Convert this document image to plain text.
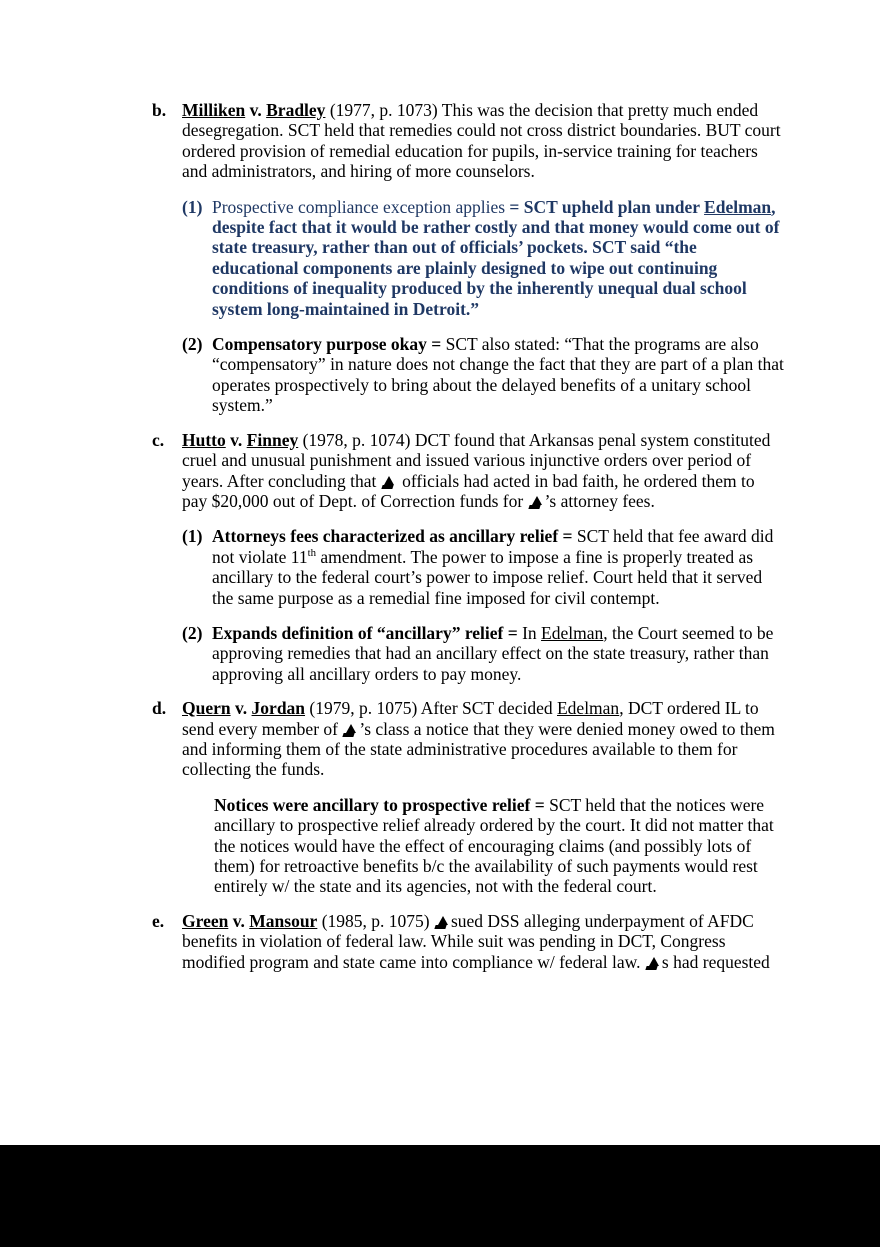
b. Milliken v. Bradley (1977, p. 1073) This was the decision that pretty much ended desegregation. SCT held that remedies could not cross district boundaries. BUT court ordered provision of remedial education for pupils, in-service training for teachers and administrators, and hiring of more counselors.
(1) Prospective compliance exception applies = SCT upheld plan under Edelman, despite fact that it would be rather costly and that money would come out of state treasury, rather than out of officials’ pockets. SCT said “the educational components are plainly designed to wipe out continuing conditions of inequality produced by the inherently unequal dual school system long-maintained in Detroit.”
(2) Compensatory purpose okay = SCT also stated: “That the programs are also “compensatory” in nature does not change the fact that they are part of a plan that operates prospectively to bring about the delayed benefits of a unitary school system.”
c. Hutto v. Finney (1978, p. 1074) DCT found that Arkansas penal system constituted cruel and unusual punishment and issued various injunctive orders over period of years. After concluding that  officials had acted in bad faith, he ordered them to pay $20,000 out of Dept. of Correction funds for ’s attorney fees.
(1) Attorneys fees characterized as ancillary relief = SCT held that fee award did not violate 11th amendment. The power to impose a fine is properly treated as ancillary to the federal court’s power to impose relief. Court held that it served the same purpose as a remedial fine imposed for civil contempt.
(2) Expands definition of “ancillary” relief = In Edelman, the Court seemed to be approving remedies that had an ancillary effect on the state treasury, rather than approving all ancillary orders to pay money.
d. Quern v. Jordan (1979, p. 1075) After SCT decided Edelman, DCT ordered IL to send every member of ’s class a notice that they were denied money owed to them and informing them of the state administrative procedures available to them for collecting the funds.
Notices were ancillary to prospective relief = SCT held that the notices were ancillary to prospective relief already ordered by the court. It did not matter that the notices would have the effect of encouraging claims (and possibly lots of them) for retroactive benefits b/c the availability of such payments would rest entirely w/ the state and its agencies, not with the federal court.
e. Green v. Mansour (1985, p. 1075) sued DSS alleging underpayment of AFDC benefits in violation of federal law. While suit was pending in DCT, Congress modified program and state came into compliance w/ federal law. s had requested
